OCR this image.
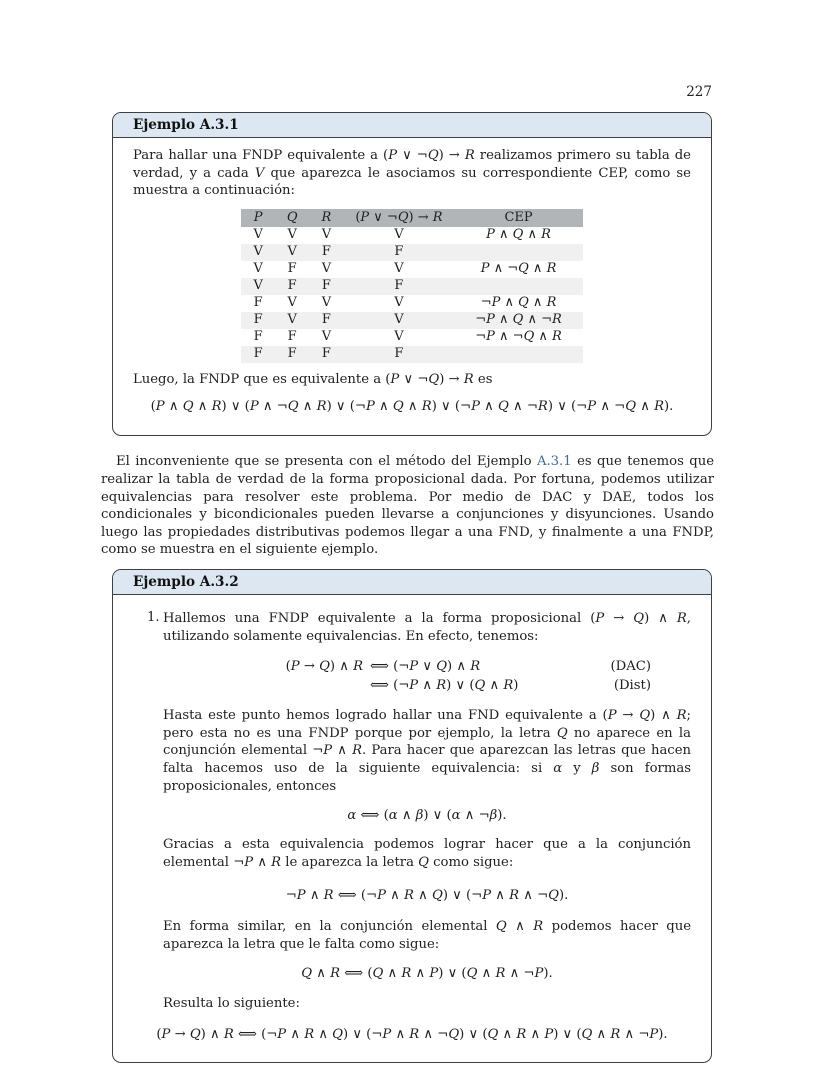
227
Ejemplo A.3.1

Para hallar una FNDP equivalente a (P ∨ ¬Q) → R realizamos primero su tabla de verdad, y a cada V que aparezca le asociamos su correspondiente CEP, como se muestra a continuación:

P	Q	R	(P ∨ ¬Q) → R	CEP
V	V	V	V	P ∧ Q ∧ R
V	V	F	F	
V	F	V	V	P ∧ ¬Q ∧ R
V	F	F	F	
F	V	V	V	¬P ∧ Q ∧ R
F	V	F	V	¬P ∧ Q ∧ ¬R
F	F	V	V	¬P ∧ ¬Q ∧ R
F	F	F	F	

Luego, la FNDP que es equivalente a (P ∨ ¬Q) → R es

(P ∧ Q ∧ R) ∨ (P ∧ ¬Q ∧ R) ∨ (¬P ∧ Q ∧ R) ∨ (¬P ∧ Q ∧ ¬R) ∨ (¬P ∧ ¬Q ∧ R).

El inconveniente que se presenta con el método del Ejemplo A.3.1 es que tenemos que realizar la tabla de verdad de la forma proposicional dada. Por fortuna, podemos utilizar equivalencias para resolver este problema. Por medio de DAC y DAE, todos los condicionales y bicondicionales pueden llevarse a conjunciones y disyunciones. Usando luego las propiedades distributivas podemos llegar a una FND, y finalmente a una FNDP, como se muestra en el siguiente ejemplo.

Ejemplo A.3.2
1. Hallemos una FNDP equivalente a la forma proposicional (P → Q) ∧ R, utilizando solamente equivalencias. En efecto, tenemos:

(P → Q) ∧ R ⟺ (¬P ∨ Q) ∧ R	(DAC)
⟺ (¬P ∧ R) ∨ (Q ∧ R)	(Dist)

Hasta este punto hemos logrado hallar una FND equivalente a (P → Q) ∧ R; pero esta no es una FNDP porque por ejemplo, la letra Q no aparece en la conjunción elemental ¬P ∧ R. Para hacer que aparezcan las letras que hacen falta hacemos uso de la siguiente equivalencia: si α y β son formas proposicionales, entonces

α ⟺ (α ∧ β) ∨ (α ∧ ¬β).

Gracias a esta equivalencia podemos lograr hacer que a la conjunción elemental ¬P ∧ R le aparezca la letra Q como sigue:

¬P ∧ R ⟺ (¬P ∧ R ∧ Q) ∨ (¬P ∧ R ∧ ¬Q).

En forma similar, en la conjunción elemental Q ∧ R podemos hacer que aparezca la letra que le falta como sigue:

Q ∧ R ⟺ (Q ∧ R ∧ P) ∨ (Q ∧ R ∧ ¬P).

Resulta lo siguiente:

(P → Q) ∧ R ⟺ (¬P ∧ R ∧ Q) ∨ (¬P ∧ R ∧ ¬Q) ∨ (Q ∧ R ∧ P) ∨ (Q ∧ R ∧ ¬P).
